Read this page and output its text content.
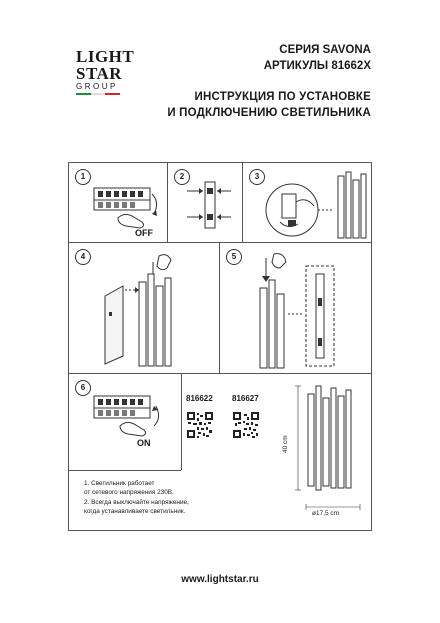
LIGHT
STAR
GROUP
СЕРИЯ SAVONA
АРТИКУЛЫ 81662X
ИНСТРУКЦИЯ ПО УСТАНОВКЕ
И ПОДКЛЮЧЕНИЮ СВЕТИЛЬНИКА
1	2	3
4	5
6
OFF
ON
816622 816627
40 cm
ø17,5 cm
1. Светильник работает
от сетевого напряжения 230В.
2. Всегда выключайте напряжение,
когда устанавливаете светильник.
www.lightstar.ru
